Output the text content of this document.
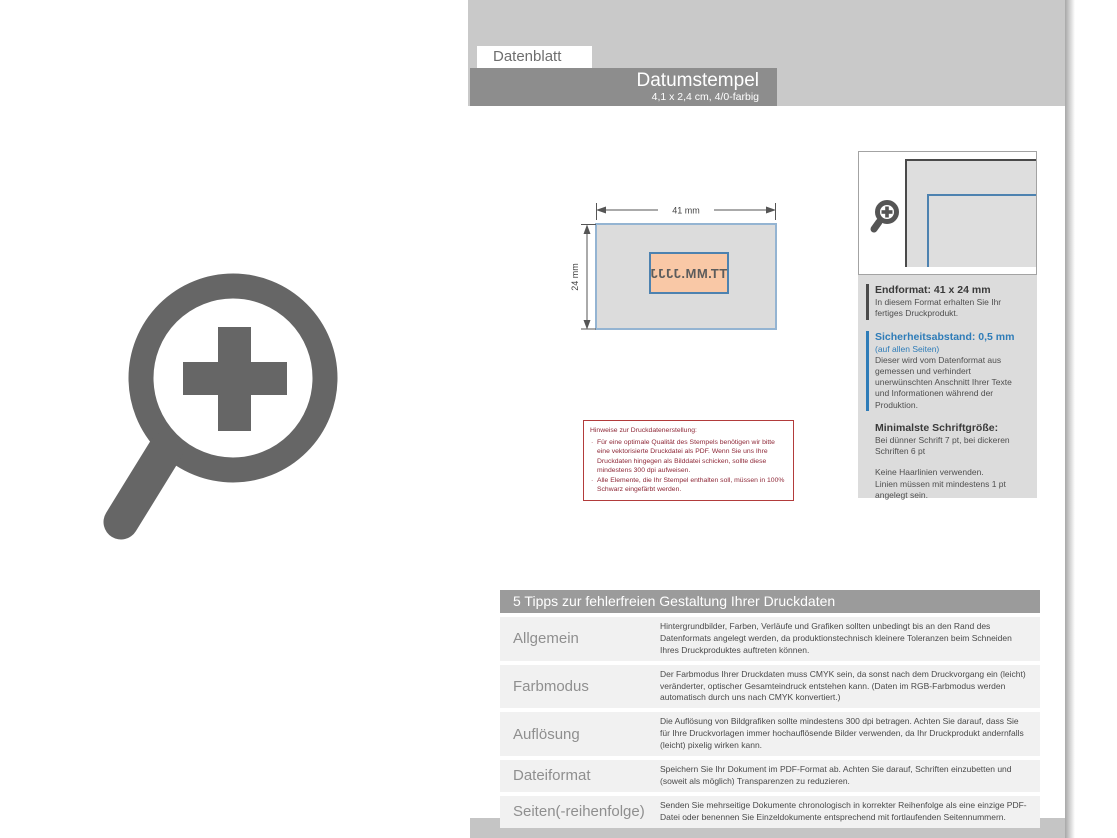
Datenblatt
Datumstempel
4,1 x 2,4 cm, 4/0-farbig
TT.MM.JJJJ
41 mm
24 mm
Hinweise zur Druckdatenerstellung:
· Für eine optimale Qualität des Stempels benötigen wir bitte eine vektorisierte Druckdatei als PDF. Wenn Sie uns Ihre Druckdaten hingegen als Bilddatei schicken, sollte diese mindestens 300 dpi aufweisen.
· Alle Elemente, die Ihr Stempel enthalten soll, müssen in 100% Schwarz eingefärbt werden.
Endformat: 41 x 24 mm
In diesem Format erhalten Sie Ihr fertiges Druckprodukt.
Sicherheitsabstand: 0,5 mm
(auf allen Seiten)
Dieser wird vom Datenformat aus gemessen und verhindert unerwünschten Anschnitt Ihrer Texte und Informationen während der Produktion.
Minimalste Schriftgröße:
Bei dünner Schrift 7 pt, bei dickeren Schriften 6 pt
Keine Haarlinien verwenden.
Linien müssen mit mindestens 1 pt angelegt sein.
5 Tipps zur fehlerfreien Gestaltung Ihrer Druckdaten
Allgemein
Hintergrundbilder, Farben, Verläufe und Grafiken sollten unbedingt bis an den Rand des Datenformats angelegt werden, da produktionstechnisch kleinere Toleranzen beim Schneiden Ihres Druckproduktes auftreten können.
Farbmodus
Der Farbmodus Ihrer Druckdaten muss CMYK sein, da sonst nach dem Druckvorgang ein (leicht) veränderter, optischer Gesamteindruck entstehen kann. (Daten im RGB-Farbmodus werden automatisch durch uns nach CMYK konvertiert.)
Auflösung
Die Auflösung von Bildgrafiken sollte mindestens 300 dpi betragen. Achten Sie darauf, dass Sie für Ihre Druckvorlagen immer hochauflösende Bilder verwenden, da Ihr Druckprodukt andernfalls (leicht) pixelig wirken kann.
Dateiformat	Speichern Sie Ihr Dokument im PDF-Format ab. Achten Sie darauf, Schriften einzubetten und (soweit als möglich) Transparenzen zu reduzieren.
Seiten(-reihenfolge)	Senden Sie mehrseitige Dokumente chronologisch in korrekter Reihenfolge als eine einzige PDF-Datei oder benennen Sie Einzeldokumente entsprechend mit fortlaufenden Seitennummern.
